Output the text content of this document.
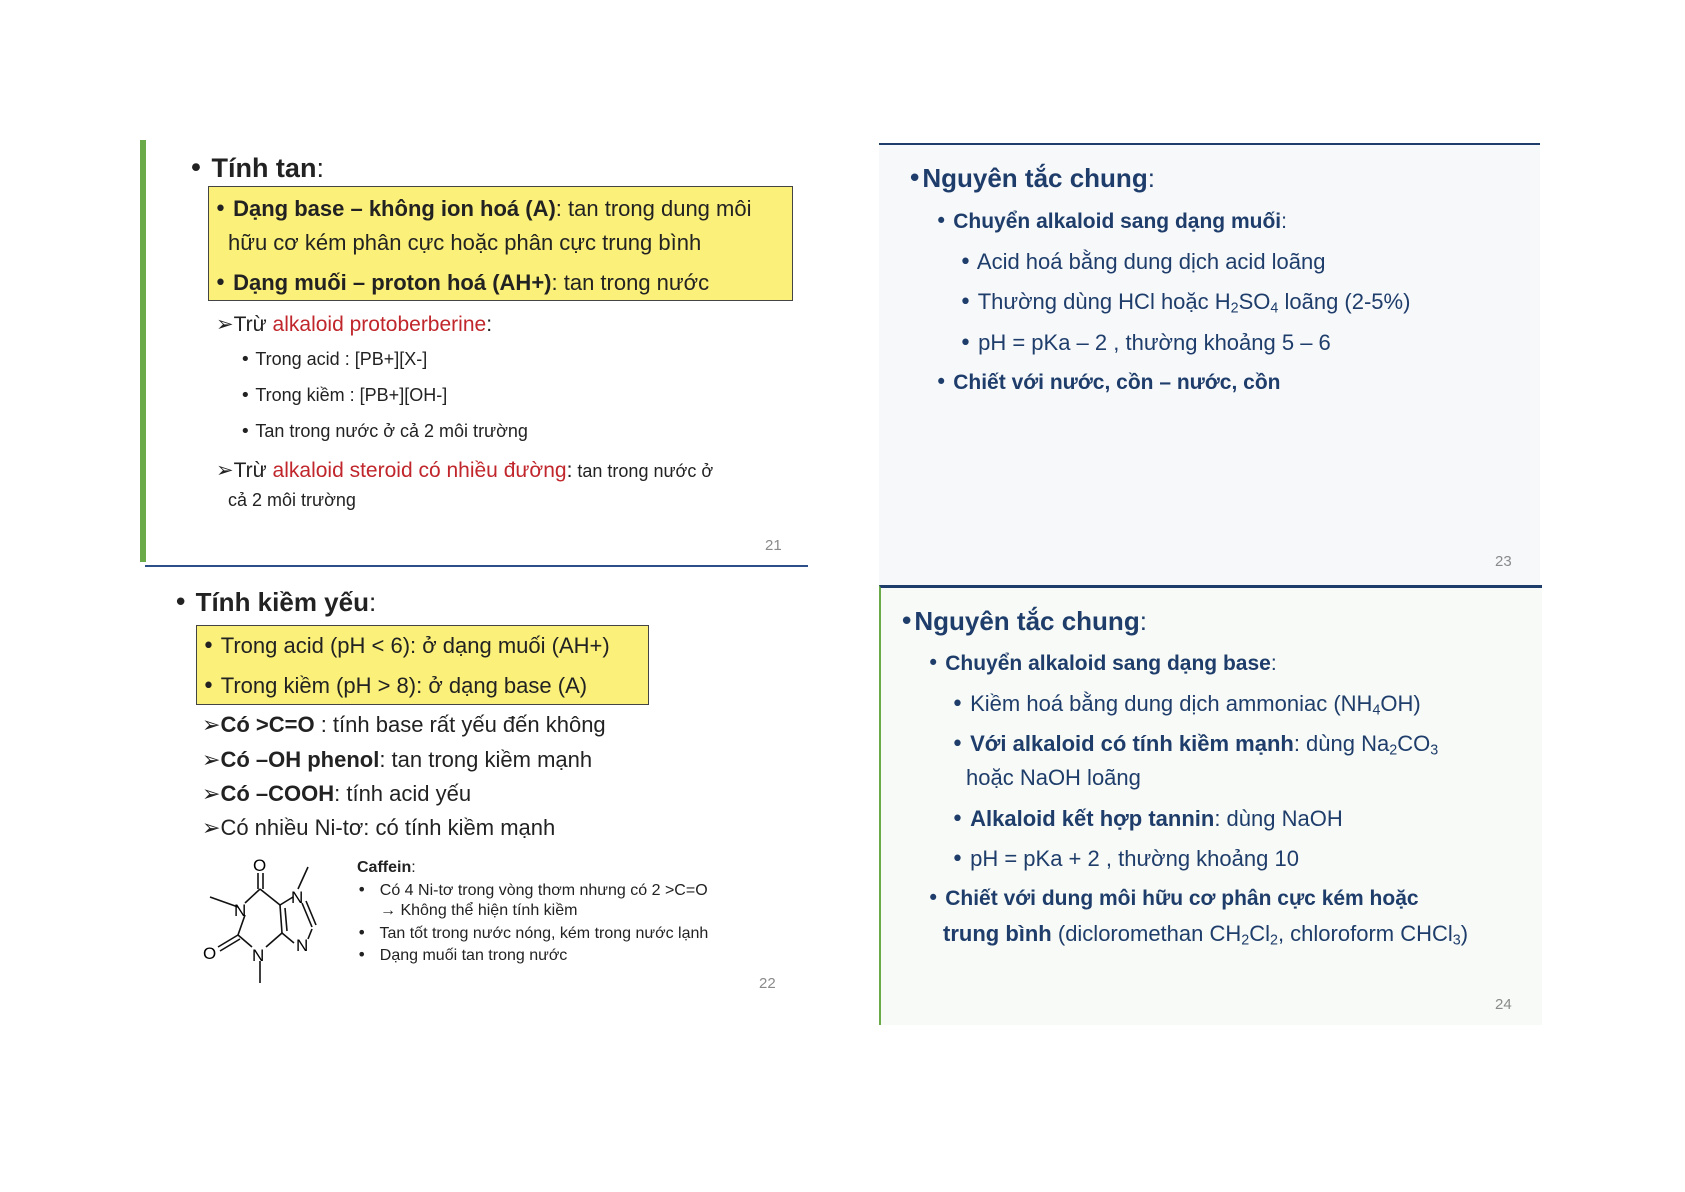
• Tính tan:
• Dạng base – không ion hoá (A): tan trong dung môi
hữu cơ kém phân cực hoặc phân cực trung bình
• Dạng muối – proton hoá (AH+): tan trong nước
➢Trừ alkaloid protoberberine:
• Trong acid : [PB+][X-]
• Trong kiềm : [PB+][OH-]
• Tan trong nước ở cả 2 môi trường
➢Trừ alkaloid steroid có nhiều đường: tan trong nước ở
cả 2 môi trường
21
• Tính kiềm yếu:
• Trong acid (pH < 6): ở dạng muối (AH+)
• Trong kiềm (pH > 8): ở dạng base (A)
➢Có >C=O : tính base rất yếu đến không
➢Có –OH phenol: tan trong kiềm mạnh
➢Có –COOH: tính acid yếu
➢Có nhiều Ni-tơ: có tính kiềm mạnh
O
N
N
N
N
O
Caffein:
• Có 4 Ni-tơ trong vòng thơm nhưng có 2 >C=O
→ Không thể hiện tính kiềm
• Tan tốt trong nước nóng, kém trong nước lạnh
• Dạng muối tan trong nước
22
•Nguyên tắc chung:
• Chuyển alkaloid sang dạng muối:
• Acid hoá bằng dung dịch acid loãng
• Thường dùng HCl hoặc $H_2SO_4$ loãng (2-5%)
• pH = pKa – 2 , thường khoảng 5 – 6
• Chiết với nước, cồn – nước, cồn
23
•Nguyên tắc chung:
• Chuyển alkaloid sang dạng base:
• Kiềm hoá bằng dung dịch ammoniac $(NH_4OH)$
• Với alkaloid có tính kiềm mạnh: dùng $Na_2CO_3$
hoặc NaOH loãng
• Alkaloid kết hợp tannin: dùng NaOH
• pH = pKa + 2 , thường khoảng 10
• Chiết với dung môi hữu cơ phân cực kém hoặc
trung bình (dicloromethan $CH_2Cl_2$, chloroform CHCl$_3$)
24
